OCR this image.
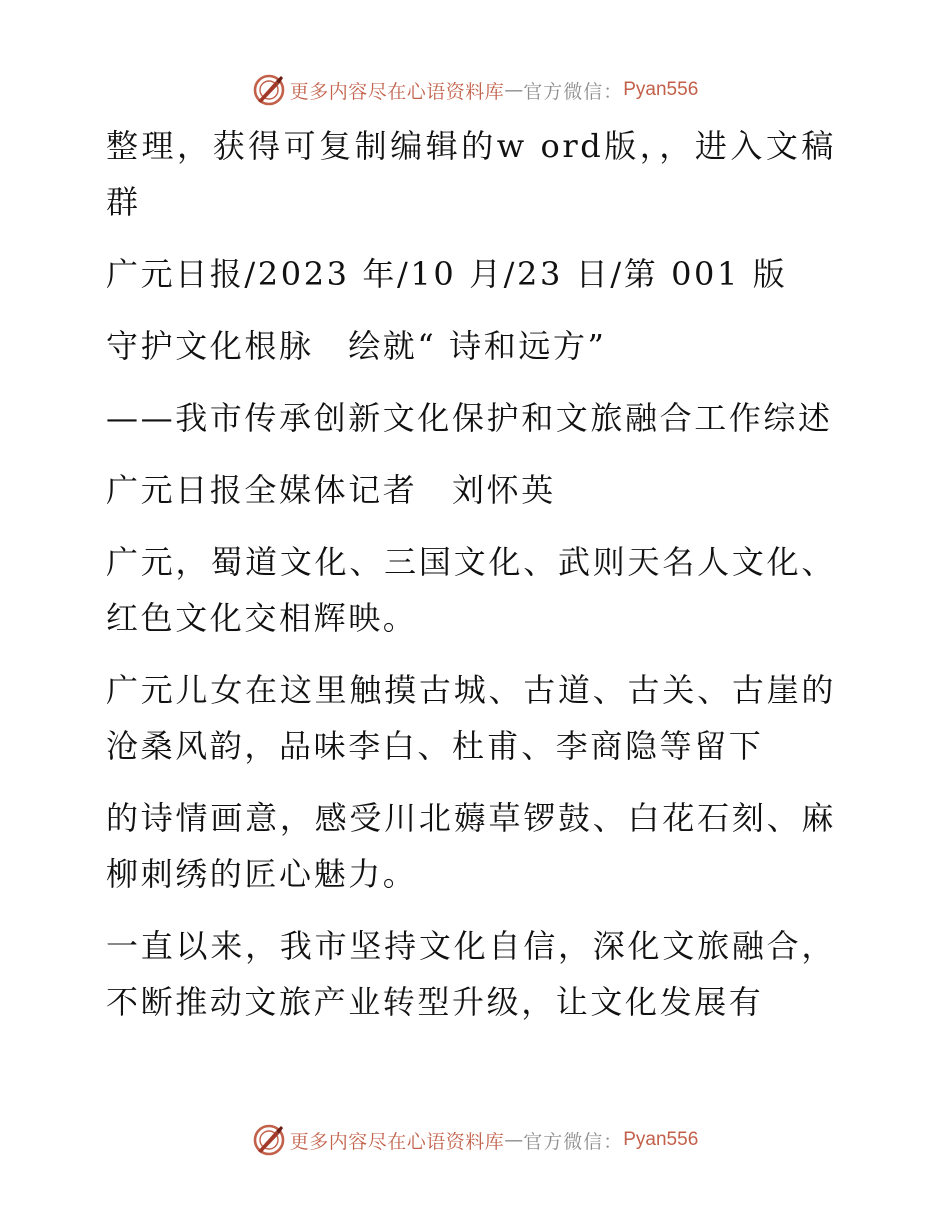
更多内容尽在心语资料库 — 官方微信： Pyan556

整理，获得可复制编辑的w ord版，，进入文稿群

广元日报/2023 年/10 月/23 日/第 001 版

守护文化根脉　绘就“ 诗和远方”

——我市传承创新文化保护和文旅融合工作综述

广元日报全媒体记者　刘怀英

广元，蜀道文化、三国文化、武则天名人文化、红色文化交相辉映。

广元儿女在这里触摸古城、古道、古关、古崖的沧桑风韵，品味李白、杜甫、李商隐等留下

的诗情画意，感受川北薅草锣鼓、白花石刻、麻柳刺绣的匠心魅力。

一直以来，我市坚持文化自信，深化文旅融合，不断推动文旅产业转型升级，让文化发展有

更多内容尽在心语资料库 — 官方微信： Pyan556
